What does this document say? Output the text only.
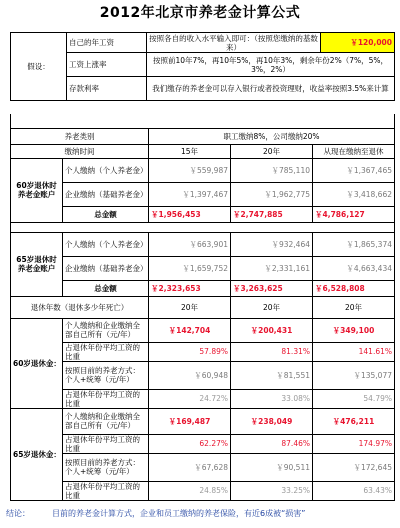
2012年北京市养老金计算公式
假设：	自己的年工资	按照各自的收入水平输入即可：（按照您缴纳的基数来）	￥120,000
	工资上涨率	按照前10年7%，再10年5%，再10年3%，剩余年份2%（7%，5%，3%，2%）	
	存款利率	我们缴存的养老金可以存入银行或者投资理财，收益率按照3.5%来计算	

养老类别		职工缴纳8%，公司缴纳20%		
缴纳时间		15年	20年	从现在缴纳至退休
60岁退休时养老金账户	个人缴纳（个人养老金）	￥559,987	￥785,110	￥1,367,465
	企业缴纳（基础养老金）	￥1,397,467	￥1,962,775	￥3,418,662
	总金额	￥1,956,453	￥2,747,885	￥4,786,127

65岁退休时养老金账户	个人缴纳（个人养老金）	￥663,901	￥932,464	￥1,865,374
	企业缴纳（基础养老金）	￥1,659,752	￥2,331,161	￥4,663,434
	总金额	￥2,323,653	￥3,263,625	￥6,528,808
退休年数（退休多少年死亡）		20年	20年	20年
60岁退休金：	个人缴纳和企业缴纳全部自己所有（元/年）	￥142,704	￥200,431	￥349,100
	占退休年份平均工资的比重	57.89%	81.31%	141.61%
	按照目前的养老方式：个人+统筹（元/年）	￥60,948	￥81,551	￥135,077
	占退休年份平均工资的比重	24.72%	33.08%	54.79%
65岁退休金：	个人缴纳和企业缴纳全部自己所有（元/年）	￥169,487	￥238,049	￥476,211
	占退休年份平均工资的比重	62.27%	87.46%	174.97%
	按照目前的养老方式：个人+统筹（元/年）	￥67,628	￥90,511	￥172,645
	占退休年份平均工资的比重	24.85%	33.25%	63.43%
结论：	目前的养老金计算方式，企业和员工缴纳的养老保险，有近6成被“损害”
